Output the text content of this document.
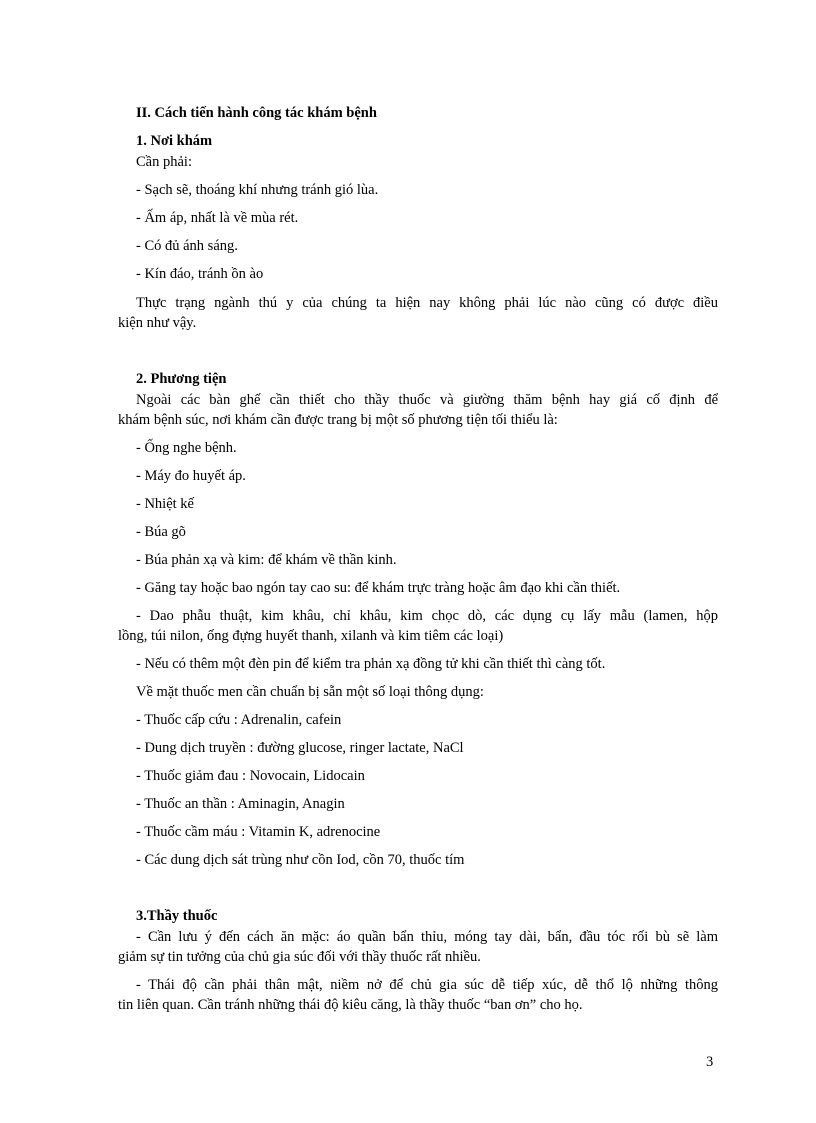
II. Cách tiến hành công tác khám bệnh
1. Nơi khám
Cần phải:
- Sạch sẽ, thoáng khí nhưng tránh gió lùa.
- Ấm áp, nhất là về mùa rét.
- Có đủ ánh sáng.
- Kín đáo, tránh ồn ào
Thực trạng ngành thú y của chúng ta hiện nay không phải lúc nào cũng có được điều
kiện như vậy.
2. Phương tiện
Ngoài các bàn ghế cần thiết cho thầy thuốc và giường thăm bệnh hay giá cố định để
khám bệnh súc, nơi khám cần được trang bị một số phương tiện tối thiểu là:
- Ống nghe bệnh.
- Máy đo huyết áp.
- Nhiệt kế
- Búa gõ
- Búa phản xạ và kim: để khám về thần kinh.
- Găng tay hoặc bao ngón tay cao su: để khám trực tràng hoặc âm đạo khi cần thiết.
- Dao phẫu thuật, kim khâu, chỉ khâu, kim chọc dò, các dụng cụ lấy mẫu (lamen, hộp
lồng, túi nilon, ống đựng huyết thanh, xilanh và kim tiêm các loại)
- Nếu có thêm một đèn pin để kiểm tra phản xạ đồng tử khi cần thiết thì càng tốt.
Về mặt thuốc men cần chuẩn bị sẵn một số loại thông dụng:
- Thuốc cấp cứu : Adrenalin, cafein
- Dung dịch truyền : đường glucose, ringer lactate, NaCl
- Thuốc giảm đau : Novocain, Lidocain
- Thuốc an thần : Aminagin, Anagin
- Thuốc cầm máu : Vitamin K, adrenocine
- Các dung dịch sát trùng như cồn Iod, cồn 70, thuốc tím
3.Thầy thuốc
- Cần lưu ý đến cách ăn mặc: áo quần bẩn thỉu, móng tay dài, bẩn, đầu tóc rối bù sẽ làm
giảm sự tin tưởng của chủ gia súc đối với thầy thuốc rất nhiều.
- Thái độ cần phải thân mật, niềm nở để chủ gia súc dễ tiếp xúc, dễ thổ lộ những thông
tin liên quan. Cần tránh những thái độ kiêu căng, là thầy thuốc “ban ơn” cho họ.
3
